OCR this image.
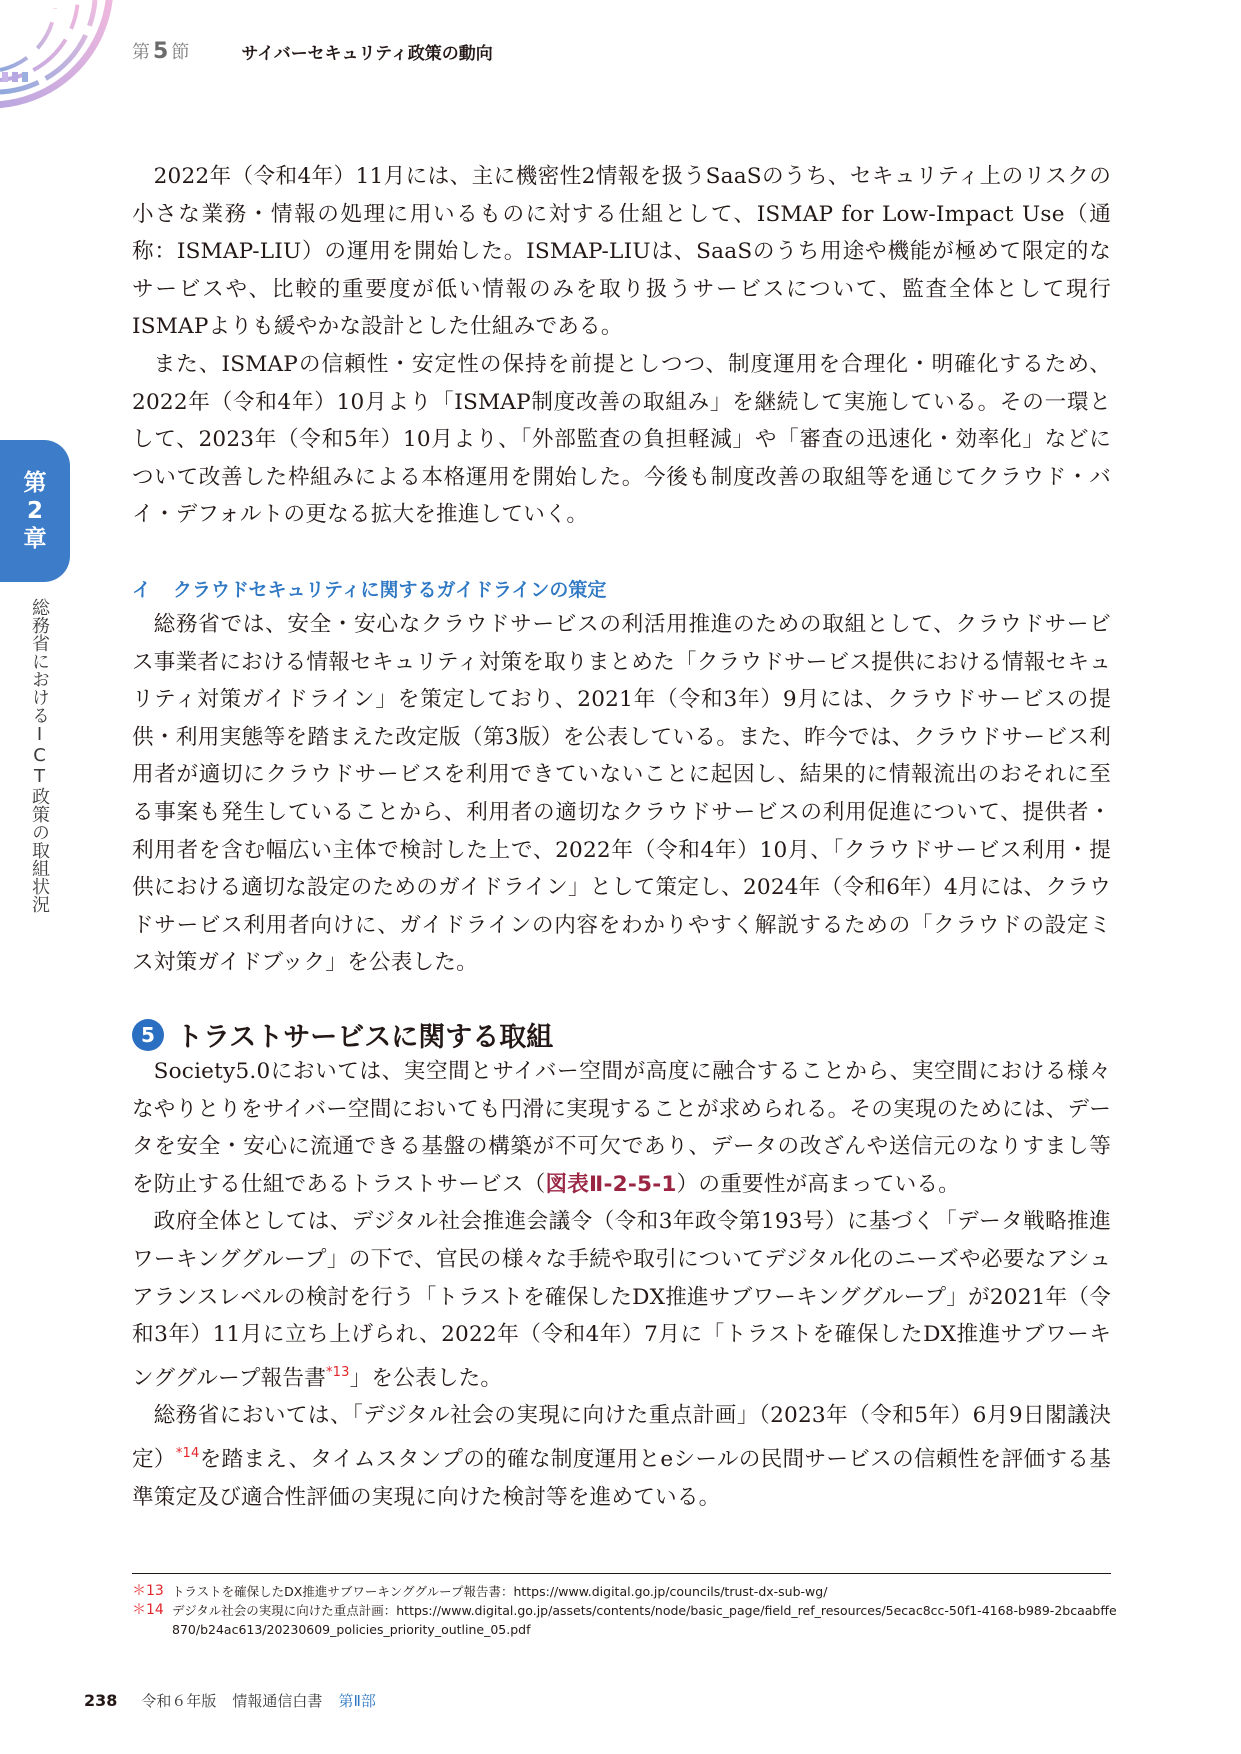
第 5 節	サイバーセキュリティ政策の動向
第
2
章
総務省におけるICT政策の取組状況

2022年（令和4年）11月には、主に機密性2情報を扱うSaaSのうち、セキュリティ上のリスクの小さな業務・情報の処理に用いるものに対する仕組として、ISMAP for Low-Impact Use（通称：ISMAP-LIU）の運用を開始した。ISMAP-LIUは、SaaSのうち用途や機能が極めて限定的なサービスや、比較的重要度が低い情報のみを取り扱うサービスについて、監査全体として現行ISMAPよりも緩やかな設計とした仕組みである。

また、ISMAPの信頼性・安定性の保持を前提としつつ、制度運用を合理化・明確化するため、2022年（令和4年）10月より「ISMAP制度改善の取組み」を継続して実施している。その一環として、2023年（令和5年）10月より、「外部監査の負担軽減」や「審査の迅速化・効率化」などについて改善した枠組みによる本格運用を開始した。今後も制度改善の取組等を通じてクラウド・バイ・デフォルトの更なる拡大を推進していく。

イ クラウドセキュリティに関するガイドラインの策定

総務省では、安全・安心なクラウドサービスの利活用推進のための取組として、クラウドサービス事業者における情報セキュリティ対策を取りまとめた「クラウドサービス提供における情報セキュリティ対策ガイドライン」を策定しており、2021年（令和3年）9月には、クラウドサービスの提供・利用実態等を踏まえた改定版（第3版）を公表している。また、昨今では、クラウドサービス利用者が適切にクラウドサービスを利用できていないことに起因し、結果的に情報流出のおそれに至る事案も発生していることから、利用者の適切なクラウドサービスの利用促進について、提供者・利用者を含む幅広い主体で検討した上で、2022年（令和4年）10月、「クラウドサービス利用・提供における適切な設定のためのガイドライン」として策定し、2024年（令和6年）4月には、クラウドサービス利用者向けに、ガイドラインの内容をわかりやすく解説するための「クラウドの設定ミス対策ガイドブック」を公表した。

5 トラストサービスに関する取組

Society5.0においては、実空間とサイバー空間が高度に融合することから、実空間における様々なやりとりをサイバー空間においても円滑に実現することが求められる。その実現のためには、データを安全・安心に流通できる基盤の構築が不可欠であり、データの改ざんや送信元のなりすまし等を防止する仕組であるトラストサービス（図表Ⅱ-2-5-1）の重要性が高まっている。

政府全体としては、デジタル社会推進会議令（令和3年政令第193号）に基づく「データ戦略推進ワーキンググループ」の下で、官民の様々な手続や取引についてデジタル化のニーズや必要なアシュアランスレベルの検討を行う「トラストを確保したDX推進サブワーキンググループ」が2021年（令和3年）11月に立ち上げられ、2022年（令和4年）7月に「トラストを確保したDX推進サブワーキンググループ報告書$^{*13}$」を公表した。

総務省においては、「デジタル社会の実現に向けた重点計画」（2023年（令和5年）6月9日閣議決定）$^{*14}$を踏まえ、タイムスタンプの的確な制度運用とeシールの民間サービスの信頼性を評価する基準策定及び適合性評価の実現に向けた検討等を進めている。

＊13 トラストを確保したDX推進サブワーキンググループ報告書：https://www.digital.go.jp/councils/trust-dx-sub-wg/
＊14 デジタル社会の実現に向けた重点計画：https://www.digital.go.jp/assets/contents/node/basic_page/field_ref_resources/5ecac8cc-50f1-4168-b989-2bcaabffe870/b24ac613/20230609_policies_priority_outline_05.pdf
238 令和６年版 情報通信白書 第Ⅱ部
